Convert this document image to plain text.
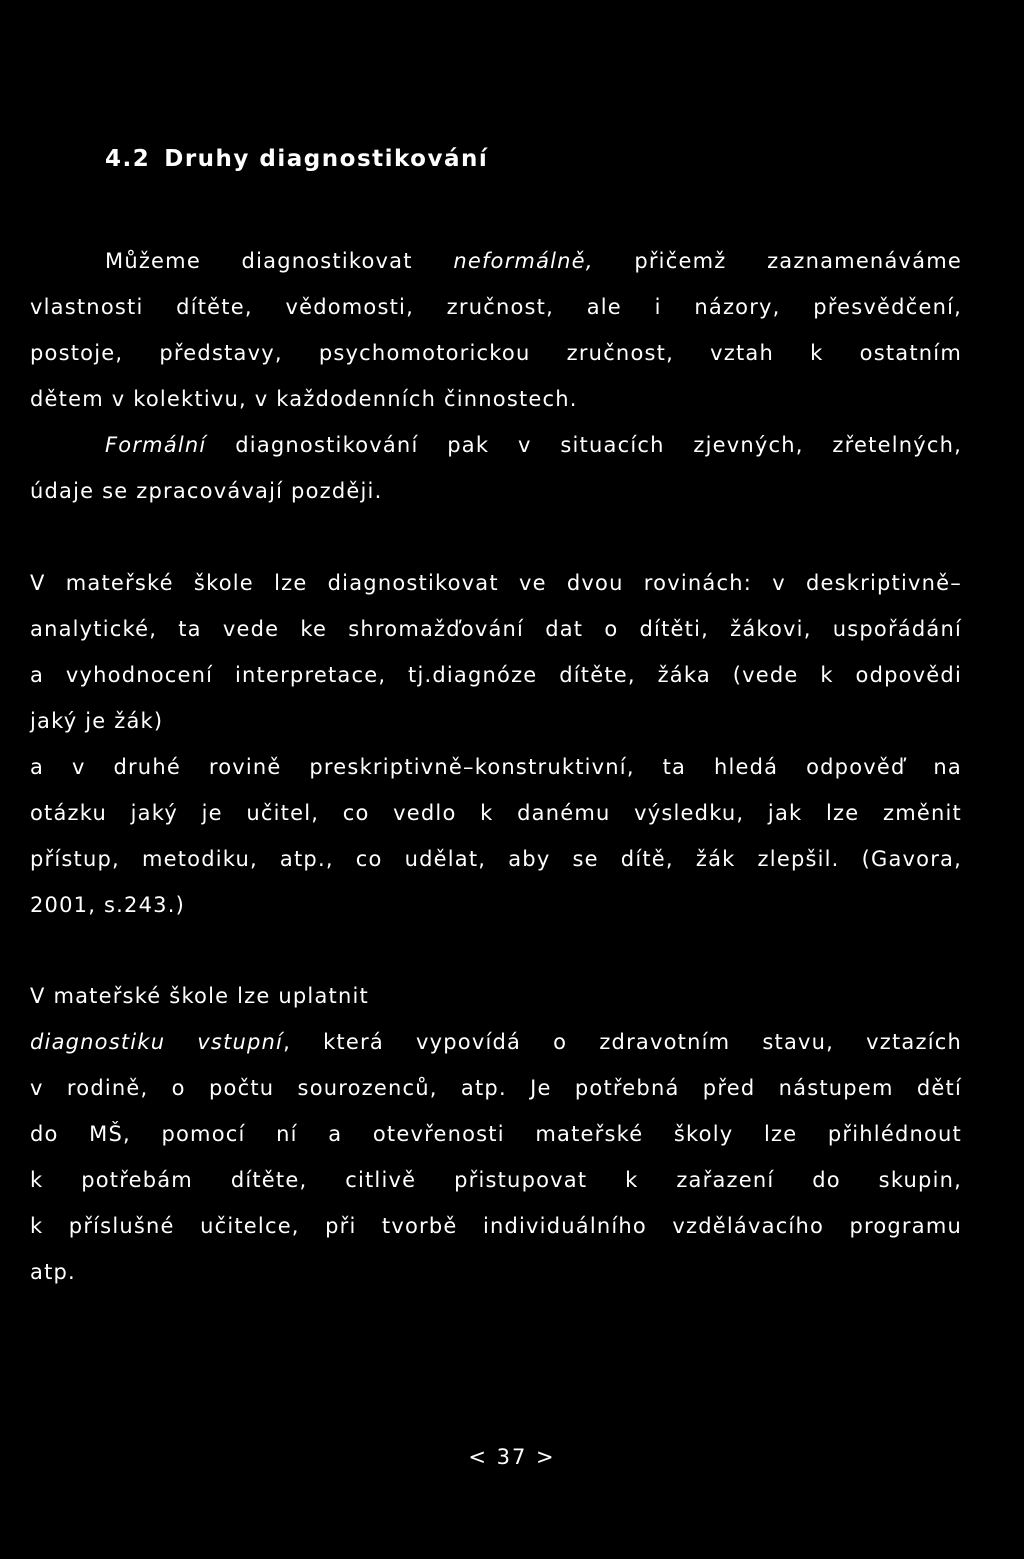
4.2 Druhy diagnostikování
Můžeme diagnostikovat neformálně, přičemž zaznamenáváme
vlastnosti dítěte, vědomosti, zručnost, ale i názory, přesvědčení,
postoje, představy, psychomotorickou zručnost, vztah k ostatním
dětem v kolektivu, v každodenních činnostech.
Formální diagnostikování pak v situacích zjevných, zřetelných,
údaje se zpracovávají později.
V mateřské škole lze diagnostikovat ve dvou rovinách: v deskriptivně–
analytické, ta vede ke shromažďování dat o dítěti, žákovi, uspořádání
a vyhodnocení interpretace, tj.diagnóze dítěte, žáka (vede k odpovědi
jaký je žák)
a v druhé rovině preskriptivně–konstruktivní, ta hledá odpověď na
otázku jaký je učitel, co vedlo k danému výsledku, jak lze změnit
přístup, metodiku, atp., co udělat, aby se dítě, žák zlepšil. (Gavora,
2001, s.243.)
V mateřské škole lze uplatnit
diagnostiku vstupní, která vypovídá o zdravotním stavu, vztazích
v rodině, o počtu sourozenců, atp. Je potřebná před nástupem dětí
do MŠ, pomocí ní a otevřenosti mateřské školy lze přihlédnout
k potřebám dítěte, citlivě přistupovat k zařazení do skupin,
k příslušné učitelce, při tvorbě individuálního vzdělávacího programu
atp.
< 37 >
